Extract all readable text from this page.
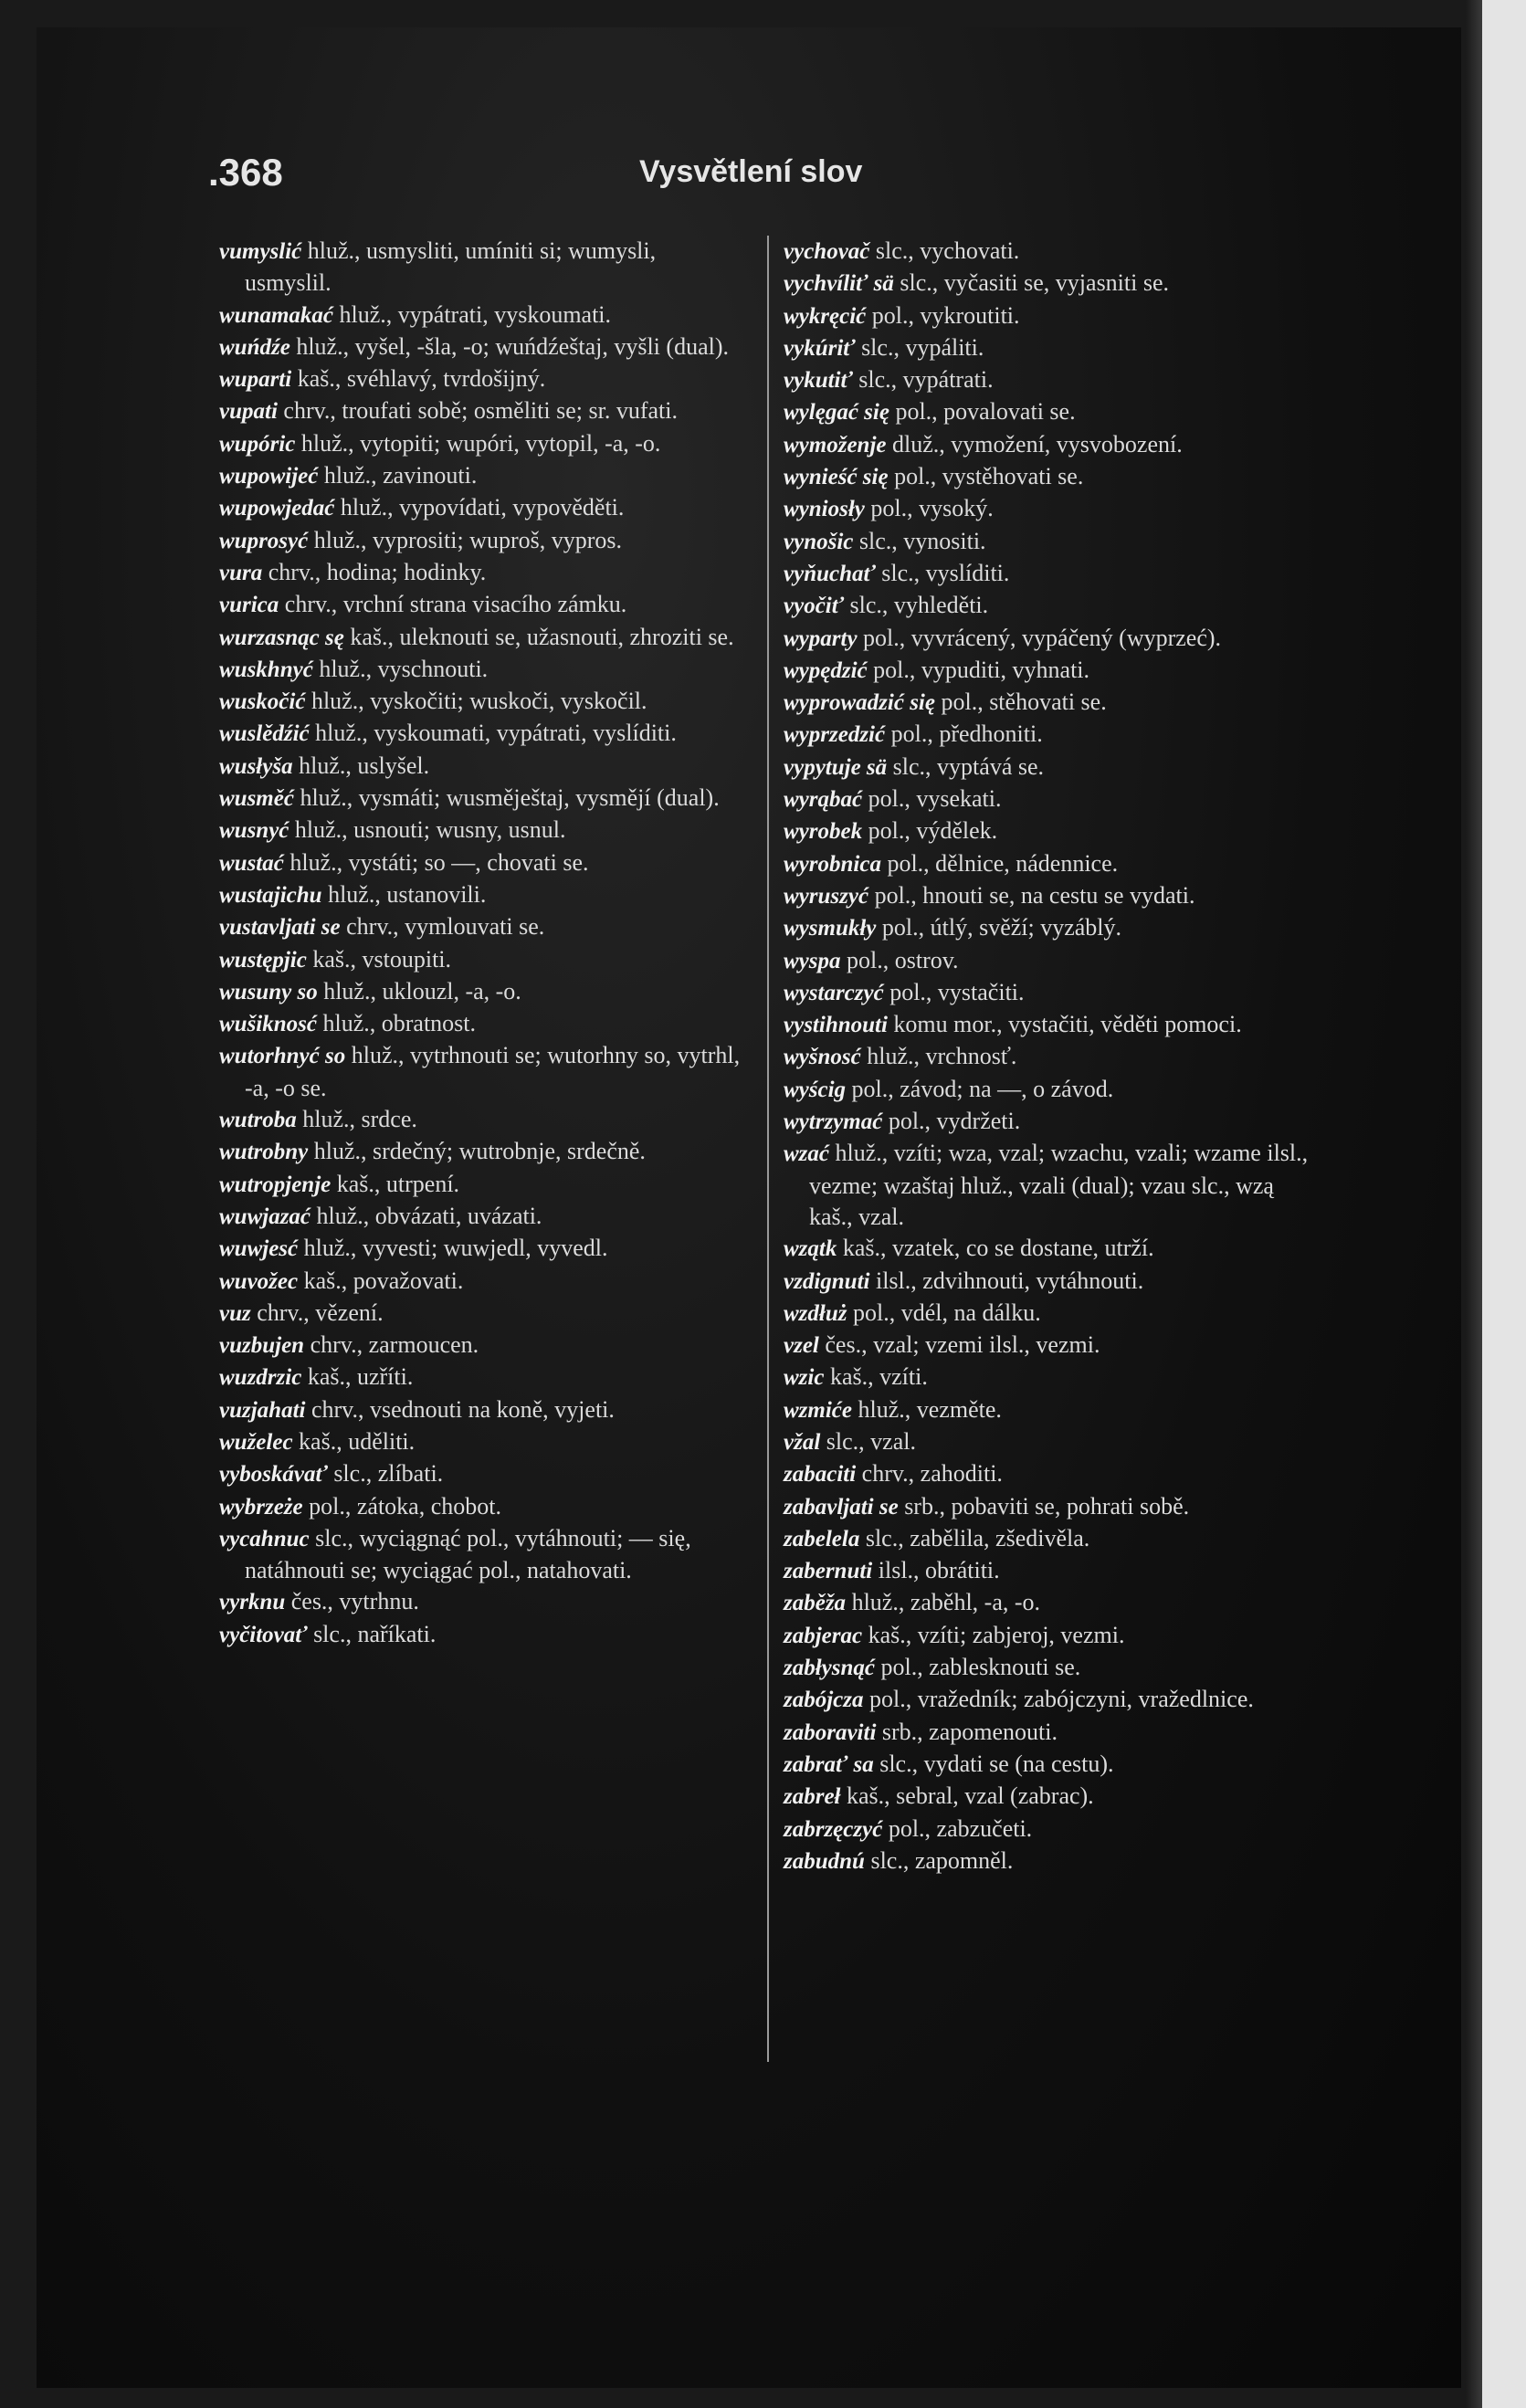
.368	Vysvětlení slov

vumyslić hluž., usmysliti, umíniti si; wumysli, usmyslil.

wunamakać hluž., vypátrati, vyskoumati.

wuńdźe hluž., vyšel, -šla, -o; wuńdźeštaj, vyšli (dual).

wuparti kaš., svéhlavý, tvrdošijný.

vupati chrv., troufati sobě; osměliti se; sr. vufati.

wupóric hluž., vytopiti; wupóri, vytopil, -a, -o.

wupowijeć hluž., zavinouti.

wupowjedać hluž., vypovídati, vypověděti.

wuprosyć hluž., vyprositi; wuproš, vypros.

vura chrv., hodina; hodinky.

vurica chrv., vrchní strana visacího zámku.

wurzasnąc sę kaš., uleknouti se, užasnouti, zhroziti se.

wuskhnyć hluž., vyschnouti.

wuskočić hluž., vyskočiti; wuskoči, vyskočil.

wuslědźić hluž., vyskoumati, vypátrati, vyslíditi.

wusłyša hluž., uslyšel.

wusměć hluž., vysmáti; wusměještaj, vysmějí (dual).

wusnyć hluž., usnouti; wusny, usnul.

wustać hluž., vystáti; so —, chovati se.

wustajichu hluž., ustanovili.

vustavljati se chrv., vymlouvati se.

wustępjic kaš., vstoupiti.

wusuny so hluž., uklouzl, -a, -o.

wušiknosć hluž., obratnost.

wutorhnyć so hluž., vytrhnouti se; wutorhny so, vytrhl, -a, -o se.

wutroba hluž., srdce.

wutrobny hluž., srdečný; wutrobnje, srdečně.

wutropjenje kaš., utrpení.

wuwjazać hluž., obvázati, uvázati.

wuwjesć hluž., vyvesti; wuwjedl, vyvedl.

wuvožec kaš., považovati.

vuz chrv., vězení.

vuzbujen chrv., zarmoucen.

wuzdrzic kaš., uzříti.

vuzjahati chrv., vsednouti na koně, vyjeti.

wuželec kaš., uděliti.

vyboskávať slc., zlíbati.

wybrzeże pol., zátoka, chobot.

vycahnuc slc., wyciągnąć pol., vytáhnouti; — się, natáhnouti se; wyciągać pol., natahovati.

vyrknu čes., vytrhnu.

vyčitovať slc., naříkati.

vychovač slc., vychovati.

vychvíliť sä slc., vyčasiti se, vyjasniti se.

wykręcić pol., vykroutiti.

vykúriť slc., vypáliti.

vykutiť slc., vypátrati.

wylęgać się pol., povalovati se.

wymoženje dluž., vymožení, vysvobození.

wynieść się pol., vystěhovati se.

wyniosły pol., vysoký.

vynošic slc., vynositi.

vyňuchať slc., vyslíditi.

vyočiť slc., vyhleděti.

wyparty pol., vyvrácený, vypáčený (wyprzeć).

wypędzić pol., vypuditi, vyhnati.

wyprowadzić się pol., stěhovati se.

wyprzedzić pol., předhoniti.

vypytuje sä slc., vyptává se.

wyrąbać pol., vysekati.

wyrobek pol., výdělek.

wyrobnica pol., dělnice, nádennice.

wyruszyć pol., hnouti se, na cestu se vydati.

wysmukły pol., útlý, svěží; vyzáblý.

wyspa pol., ostrov.

wystarczyć pol., vystačiti.

vystihnouti komu mor., vystačiti, věděti pomoci.

wyšnosć hluž., vrchnosť.

wyścig pol., závod; na —, o závod.

wytrzymać pol., vydržeti.

wzać hluž., vzíti; wza, vzal; wzachu, vzali; wzame ilsl., vezme; wzaštaj hluž., vzali (dual); vzau slc., wzą kaš., vzal.

wzątk kaš., vzatek, co se dostane, utrží.

vzdignuti ilsl., zdvihnouti, vytáhnouti.

wzdłuż pol., vdél, na dálku.

vzel čes., vzal; vzemi ilsl., vezmi.

wzic kaš., vzíti.

wzmiće hluž., vezměte.

vžal slc., vzal.

zabaciti chrv., zahoditi.

zabavljati se srb., pobaviti se, pohrati sobě.

zabelela slc., zabělila, zšedivěla.

zabernuti ilsl., obrátiti.

zaběža hluž., zaběhl, -a, -o.

zabjerac kaš., vzíti; zabjeroj, vezmi.

zabłysnąć pol., zablesknouti se.

zabójcza pol., vražedník; zabójczyni, vražedlnice.

zaboraviti srb., zapomenouti.

zabrať sa slc., vydati se (na cestu).

zabreł kaš., sebral, vzal (zabrac).

zabrzęczyć pol., zabzučeti.

zabudnú slc., zapomněl.
